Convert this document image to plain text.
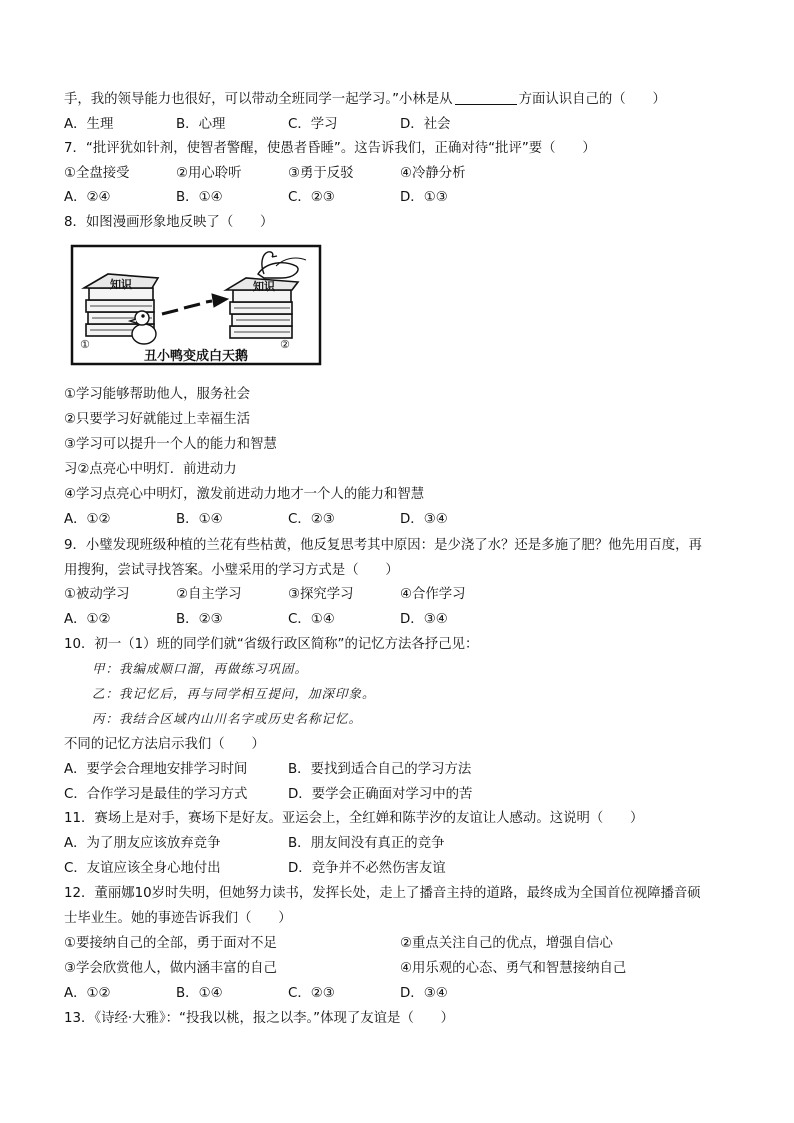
手，我的领导能力也很好，可以带动全班同学一起学习。”小林是从	方面认识自己的（　　）
A．生理	B．心理	C．学习	D．社会
7．“批评犹如针剂，使智者警醒，使愚者昏睡”。这告诉我们，正确对待“批评”要（　　）
①全盘接受	②用心聆听	③勇于反驳	④冷静分析
A．②④	B．①④	C．②③	D．①③
8．如图漫画形象地反映了（　　）
知识	知识
①	②
丑小鸭变成白天鹅
①学习能够帮助他人，服务社会
②只要学习好就能过上幸福生活
③学习可以提升一个人的能力和智慧
习②点亮心中明灯．前进动力
④学习点亮心中明灯，激发前进动力地才一个人的能力和智慧
A．①②	B．①④	C．②③	D．③④
9．小璧发现班级种植的兰花有些枯黄，他反复思考其中原因：是少浇了水？还是多施了肥？他先用百度，再
用搜狗，尝试寻找答案。小璧采用的学习方式是（　　）
①被动学习	②自主学习	③探究学习	④合作学习
A．①②	B．②③	C．①④	D．③④
10．初一（1）班的同学们就“省级行政区简称”的记忆方法各抒己见：
甲：我编成顺口溜，再做练习巩固。
乙：我记忆后，再与同学相互提问，加深印象。
丙：我结合区域内山川名字或历史名称记忆。
不同的记忆方法启示我们（　　）
A．要学会合理地安排学习时间	B．要找到适合自己的学习方法
C．合作学习是最佳的学习方式	D．要学会正确面对学习中的苦
11．赛场上是对手，赛场下是好友。亚运会上，全红婵和陈芋汐的友谊让人感动。这说明（　　）
A．为了朋友应该放弃竞争	B．朋友间没有真正的竞争
C．友谊应该全身心地付出	D．竞争并不必然伤害友谊
12．董丽娜10岁时失明，但她努力读书，发挥长处，走上了播音主持的道路，最终成为全国首位视障播音硕
士毕业生。她的事迹告诉我们（　　）
①要接纳自己的全部，勇于面对不足	②重点关注自己的优点，增强自信心
③学会欣赏他人，做内涵丰富的自己	④用乐观的心态、勇气和智慧接纳自己
A．①②	B．①④	C．②③	D．③④
13．《诗经·大雅》：“投我以桃，报之以李。”体现了友谊是（　　）
